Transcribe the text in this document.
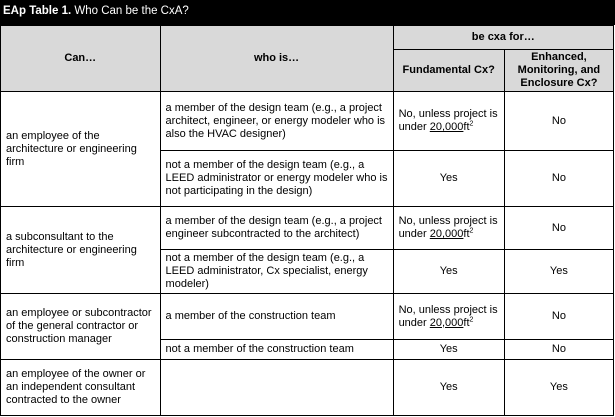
EAp Table 1. Who Can be the CxA?
Can…	who is…	be cxa for…	
		Fundamental Cx?	Enhanced, Monitoring, and Enclosure Cx?
an employee of the architecture or engineering firm	a member of the design team (e.g., a project architect, engineer, or energy modeler who is also the HVAC designer)	No, unless project is under $20,000ft^2$	No
	not a member of the design team (e.g., a LEED administrator or energy modeler who is not participating in the design)	Yes	No
a subconsultant to the architecture or engineering firm	a member of the design team (e.g., a project engineer subcontracted to the architect)	No, unless project is under $20,000ft^2$	No
	not a member of the design team (e.g., a LEED administrator, Cx specialist, energy modeler)	Yes	Yes
an employee or subcontractor of the general contractor or construction manager	a member of the construction team	No, unless project is under $20,000ft^2$	No
	not a member of the construction team	Yes	No
an employee of the owner or an independent consultant contracted to the owner		Yes	Yes
